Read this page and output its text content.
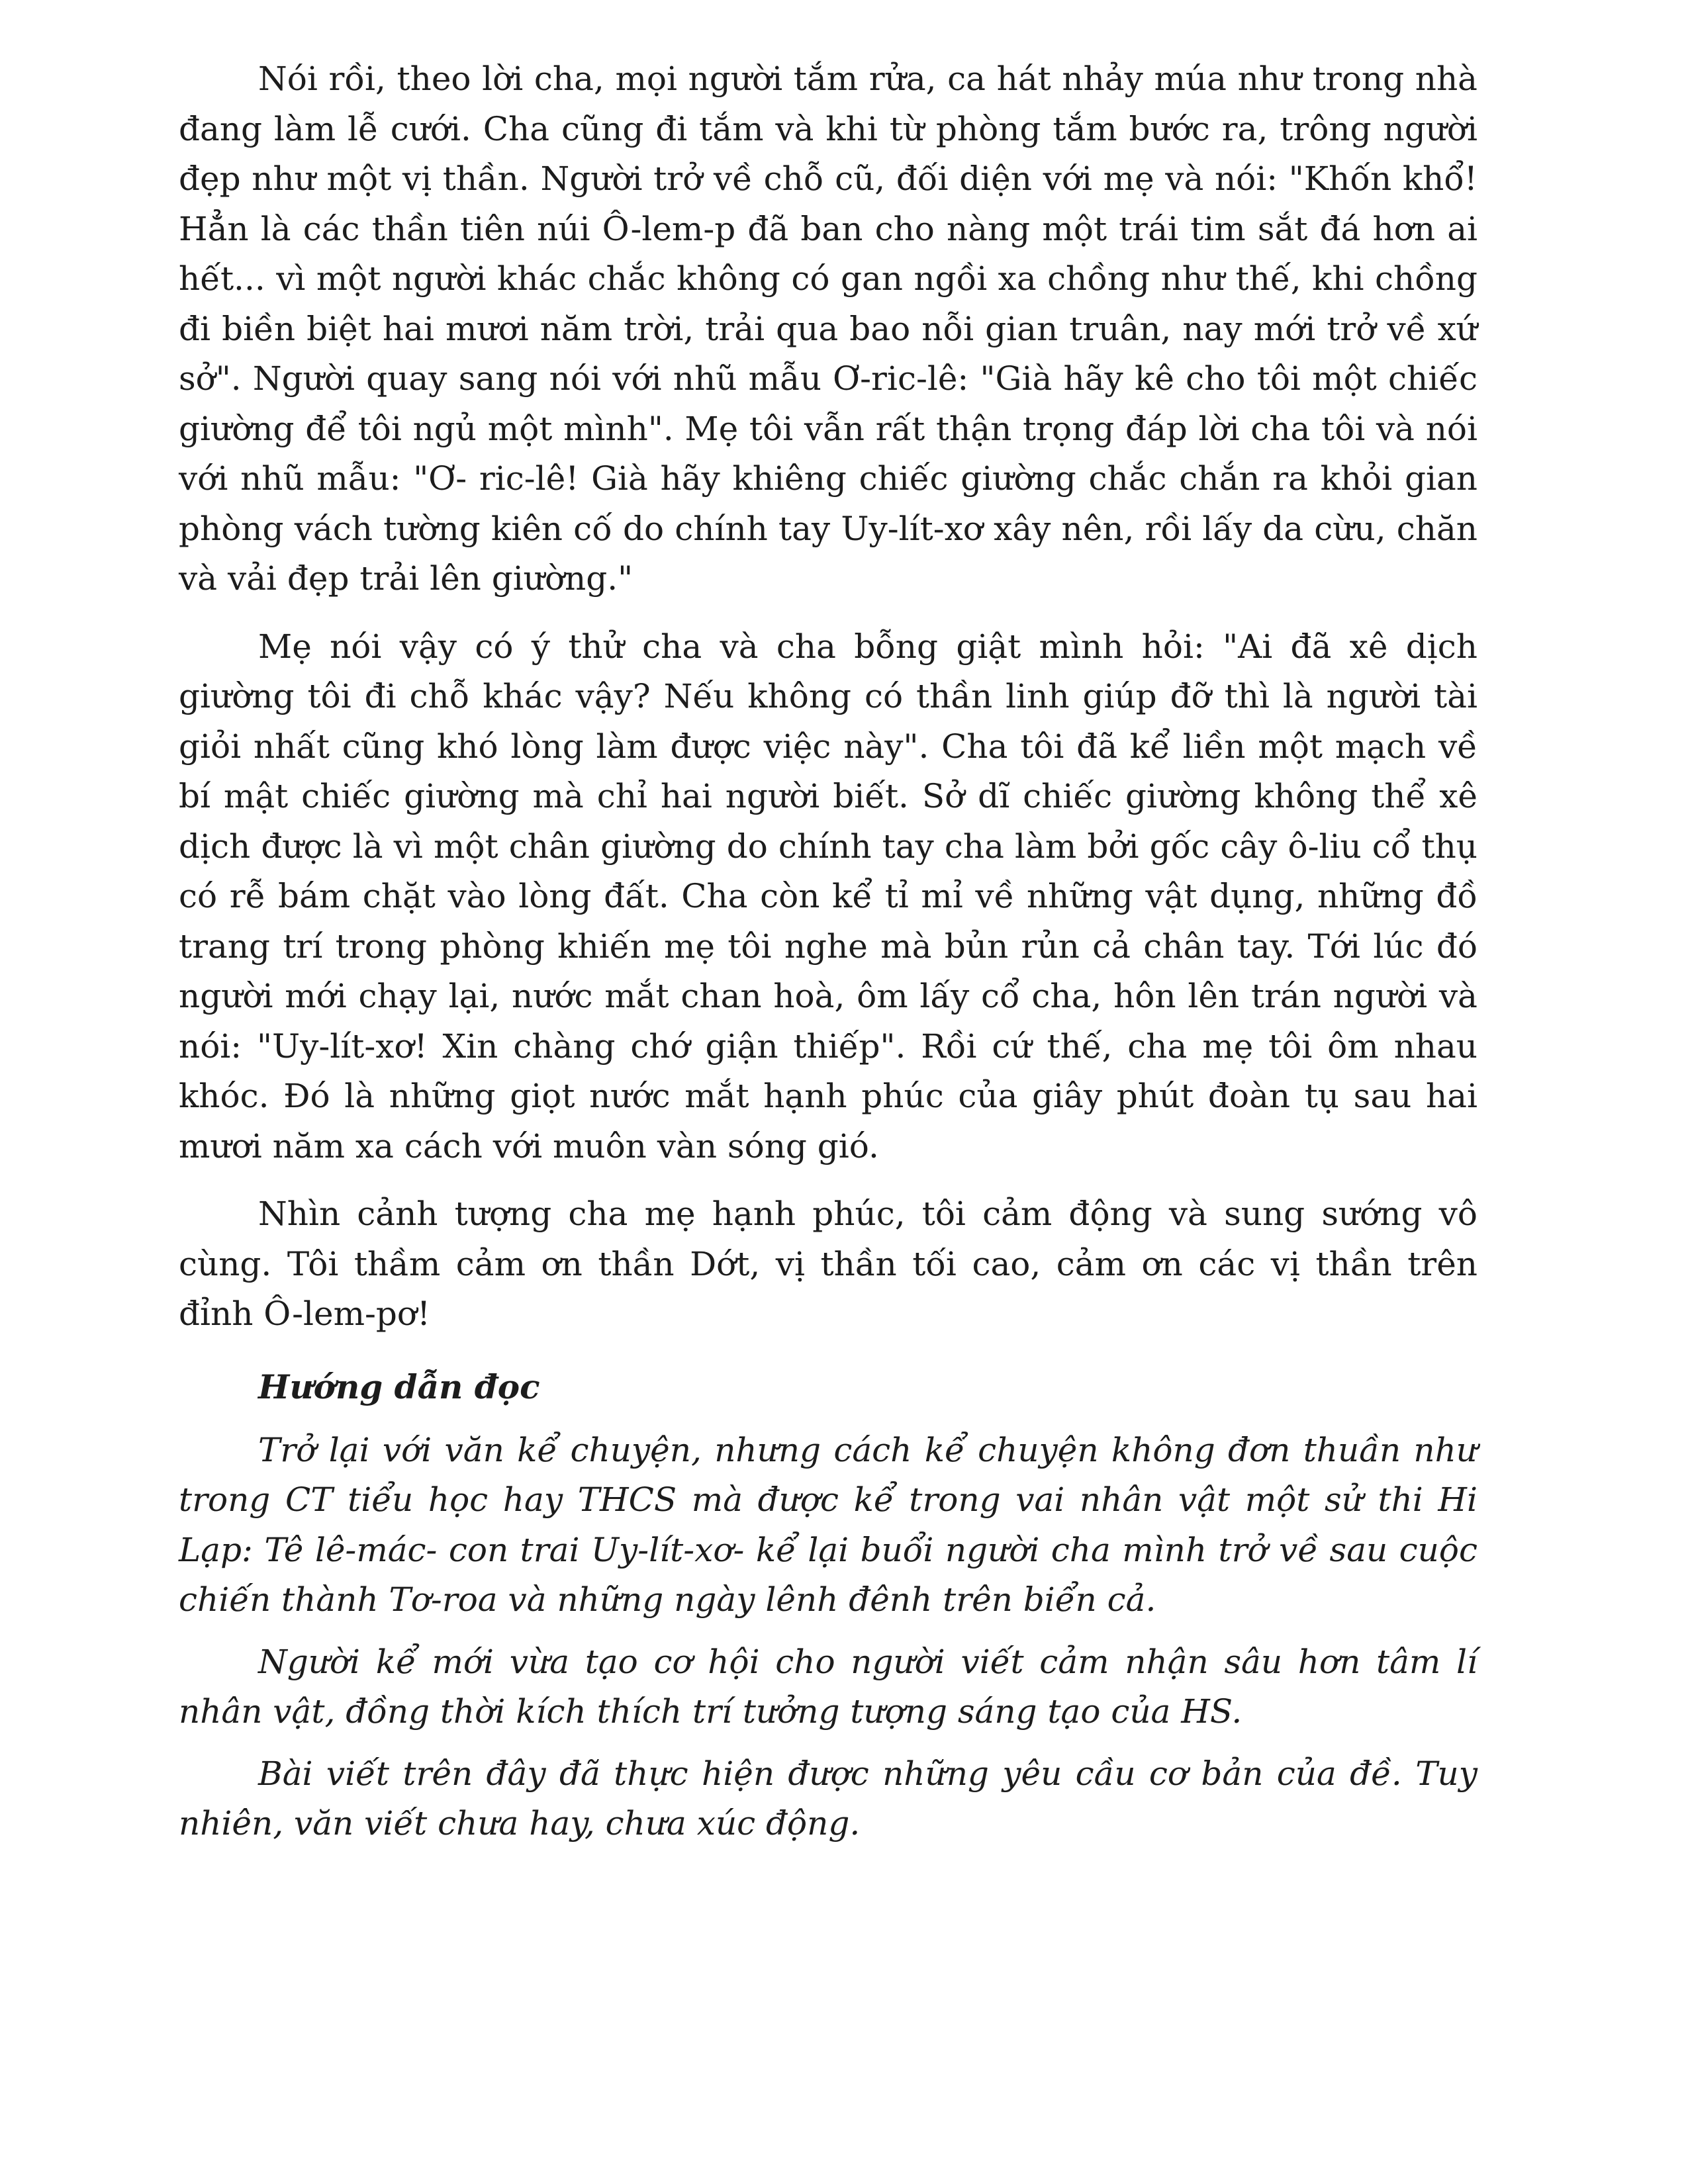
Nói rồi, theo lời cha, mọi người tắm rửa, ca hát nhảy múa như trong nhà đang làm lễ cưới. Cha cũng đi tắm và khi từ phòng tắm bước ra, trông người đẹp như một vị thần. Người trở về chỗ cũ, đối diện với mẹ và nói: "Khốn khổ! Hẳn là các thần tiên núi Ô-lem-p đã ban cho nàng một trái tim sắt đá hơn ai hết... vì một người khác chắc không có gan ngồi xa chồng như thế, khi chồng đi biền biệt hai mươi năm trời, trải qua bao nỗi gian truân, nay mới trở về xứ sở". Người quay sang nói với nhũ mẫu Ơ-ric-lê: "Già hãy kê cho tôi một chiếc giường để tôi ngủ một mình". Mẹ tôi vẫn rất thận trọng đáp lời cha tôi và nói với nhũ mẫu: "Ơ- ric-lê! Già hãy khiêng chiếc giường chắc chắn ra khỏi gian phòng vách tường kiên cố do chính tay Uy-lít-xơ xây nên, rồi lấy da cừu, chăn và vải đẹp trải lên giường."

Mẹ nói vậy có ý thử cha và cha bỗng giật mình hỏi: "Ai đã xê dịch giường tôi đi chỗ khác vậy? Nếu không có thần linh giúp đỡ thì là người tài giỏi nhất cũng khó lòng làm được việc này". Cha tôi đã kể liền một mạch về bí mật chiếc giường mà chỉ hai người biết. Sở dĩ chiếc giường không thể xê dịch được là vì một chân giường do chính tay cha làm bởi gốc cây ô-liu cổ thụ có rễ bám chặt vào lòng đất. Cha còn kể tỉ mỉ về những vật dụng, những đồ trang trí trong phòng khiến mẹ tôi nghe mà bủn rủn cả chân tay. Tới lúc đó người mới chạy lại, nước mắt chan hoà, ôm lấy cổ cha, hôn lên trán người và nói: "Uy-lít-xơ! Xin chàng chớ giận thiếp". Rồi cứ thế, cha mẹ tôi ôm nhau khóc. Đó là những giọt nước mắt hạnh phúc của giây phút đoàn tụ sau hai mươi năm xa cách với muôn vàn sóng gió.

Nhìn cảnh tượng cha mẹ hạnh phúc, tôi cảm động và sung sướng vô cùng. Tôi thầm cảm ơn thần Dớt, vị thần tối cao, cảm ơn các vị thần trên đỉnh Ô-lem-pơ!

Hướng dẫn đọc

Trở lại với văn kể chuyện, nhưng cách kể chuyện không đơn thuần như trong CT tiểu học hay THCS mà được kể trong vai nhân vật một sử thi Hi Lạp: Tê lê-mác- con trai Uy-lít-xơ- kể lại buổi người cha mình trở về sau cuộc chiến thành Tơ-roa và những ngày lênh đênh trên biển cả.

Người kể mới vừa tạo cơ hội cho người viết cảm nhận sâu hơn tâm lí nhân vật, đồng thời kích thích trí tưởng tượng sáng tạo của HS.

Bài viết trên đây đã thực hiện được những yêu cầu cơ bản của đề. Tuy nhiên, văn viết chưa hay, chưa xúc động.
